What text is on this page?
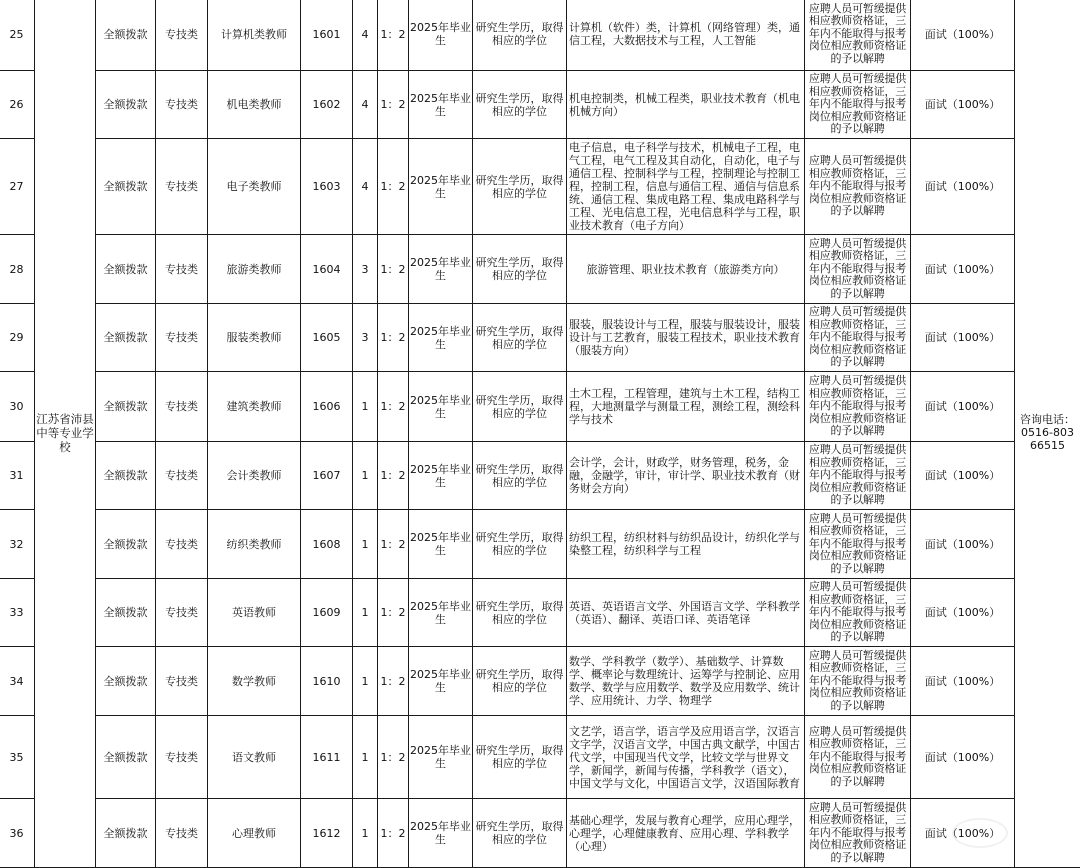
25	江苏省沛县中等专业学校	全额拨款	专技类	计算机类教师	1601	4	1：2	2025年毕业生	研究生学历，取得相应的学位	计算机（软件）类，计算机（网络管理）类，通信工程，大数据技术与工程，人工智能	应聘人员可暂缓提供相应教师资格证，三年内不能取得与报考岗位相应教师资格证的予以解聘	面试（100%）	咨询电话：0516-80366515
26		全额拨款	专技类	机电类教师	1602	4	1：2	2025年毕业生	研究生学历，取得相应的学位	机电控制类，机械工程类，职业技术教育（机电机械方向）	应聘人员可暂缓提供相应教师资格证，三年内不能取得与报考岗位相应教师资格证的予以解聘	面试（100%）	
27		全额拨款	专技类	电子类教师	1603	4	1：2	2025年毕业生	研究生学历，取得相应的学位	电子信息，电子科学与技术，机械电子工程，电气工程，电气工程及其自动化，自动化，电子与通信工程、控制科学与工程，控制理论与控制工程，控制工程，信息与通信工程、通信与信息系统、通信工程、集成电路工程、集成电路科学与工程、光电信息工程，光电信息科学与工程，职业技术教育（电子方向）	应聘人员可暂缓提供相应教师资格证，三年内不能取得与报考岗位相应教师资格证的予以解聘	面试（100%）	
28		全额拨款	专技类	旅游类教师	1604	3	1：2	2025年毕业生	研究生学历，取得相应的学位	旅游管理、职业技术教育（旅游类方向）	应聘人员可暂缓提供相应教师资格证，三年内不能取得与报考岗位相应教师资格证的予以解聘	面试（100%）	
29		全额拨款	专技类	服装类教师	1605	3	1：2	2025年毕业生	研究生学历，取得相应的学位	服装，服装设计与工程，服装与服装设计，服装设计与工艺教育，服装工程技术，职业技术教育（服装方向）	应聘人员可暂缓提供相应教师资格证，三年内不能取得与报考岗位相应教师资格证的予以解聘	面试（100%）	
30		全额拨款	专技类	建筑类教师	1606	1	1：2	2025年毕业生	研究生学历，取得相应的学位	土木工程，工程管理，建筑与土木工程，结构工程，大地测量学与测量工程，测绘工程，测绘科学与技术	应聘人员可暂缓提供相应教师资格证，三年内不能取得与报考岗位相应教师资格证的予以解聘	面试（100%）	
31		全额拨款	专技类	会计类教师	1607	1	1：2	2025年毕业生	研究生学历，取得相应的学位	会计学，会计，财政学，财务管理，税务，金融，金融学，审计，审计学、职业技术教育（财务财会方向）	应聘人员可暂缓提供相应教师资格证，三年内不能取得与报考岗位相应教师资格证的予以解聘	面试（100%）	
32		全额拨款	专技类	纺织类教师	1608	1	1：2	2025年毕业生	研究生学历，取得相应的学位	纺织工程，纺织材料与纺织品设计，纺织化学与染整工程，纺织科学与工程	应聘人员可暂缓提供相应教师资格证，三年内不能取得与报考岗位相应教师资格证的予以解聘	面试（100%）	
33		全额拨款	专技类	英语教师	1609	1	1：2	2025年毕业生	研究生学历，取得相应的学位	英语、英语语言文学、外国语言文学、学科教学（英语）、翻译、英语口译、英语笔译	应聘人员可暂缓提供相应教师资格证，三年内不能取得与报考岗位相应教师资格证的予以解聘	面试（100%）	
34		全额拨款	专技类	数学教师	1610	1	1：2	2025年毕业生	研究生学历，取得相应的学位	数学、学科教学（数学）、基础数学、计算数学、概率论与数理统计、运筹学与控制论、应用数学、数学与应用数学、数学及应用数学、统计学、应用统计、力学、物理学	应聘人员可暂缓提供相应教师资格证，三年内不能取得与报考岗位相应教师资格证的予以解聘	面试（100%）	
35		全额拨款	专技类	语文教师	1611	1	1：2	2025年毕业生	研究生学历，取得相应的学位	文艺学，语言学，语言学及应用语言学，汉语言文字学，汉语言文学，中国古典文献学，中国古代文学，中国现当代文学，比较文学与世界文学，新闻学，新闻与传播，学科教学（语文），中国文学与文化，中国语言文学，汉语国际教育	应聘人员可暂缓提供相应教师资格证，三年内不能取得与报考岗位相应教师资格证的予以解聘	面试（100%）	
36		全额拨款	专技类	心理教师	1612	1	1：2	2025年毕业生	研究生学历，取得相应的学位	基础心理学，发展与教育心理学，应用心理学，心理学，心理健康教育、应用心理、学科教学（心理）	应聘人员可暂缓提供相应教师资格证，三年内不能取得与报考岗位相应教师资格证的予以解聘	面试（100%）	
